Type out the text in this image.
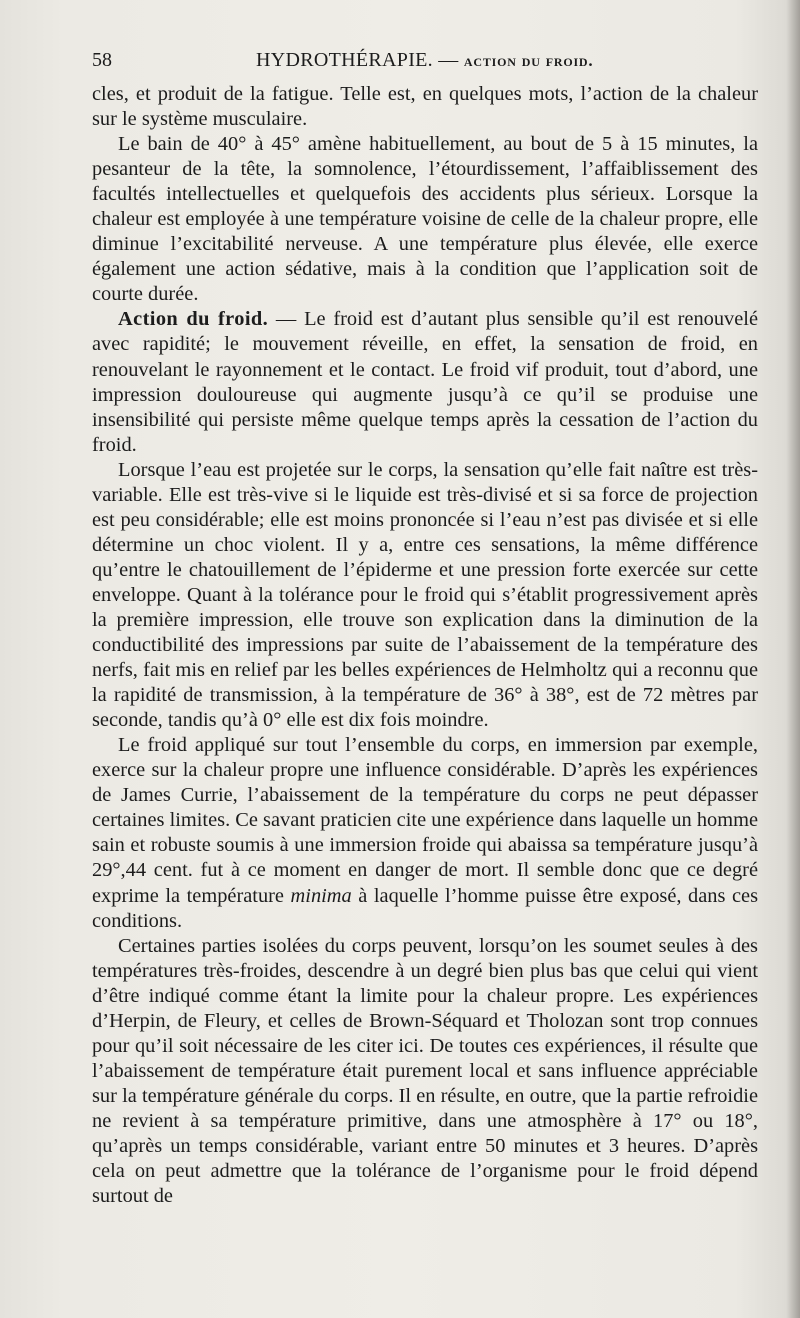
58	HYDROTHÉRAPIE. — action du froid.

cles, et produit de la fatigue. Telle est, en quelques mots, l’action de la chaleur sur le système musculaire.

Le bain de 40° à 45° amène habituellement, au bout de 5 à 15 minutes, la pesanteur de la tête, la somnolence, l’étourdissement, l’affaiblissement des facultés intellectuelles et quelquefois des accidents plus sérieux. Lorsque la chaleur est employée à une température voisine de celle de la chaleur propre, elle diminue l’excitabilité nerveuse. A une température plus élevée, elle exerce également une action sédative, mais à la condition que l’application soit de courte durée.

Action du froid. — Le froid est d’autant plus sensible qu’il est renouvelé avec rapidité; le mouvement réveille, en effet, la sensation de froid, en renouvelant le rayonnement et le contact. Le froid vif produit, tout d’abord, une impression douloureuse qui augmente jusqu’à ce qu’il se produise une insensibilité qui persiste même quelque temps après la cessation de l’action du froid.

Lorsque l’eau est projetée sur le corps, la sensation qu’elle fait naître est très-variable. Elle est très-vive si le liquide est très-divisé et si sa force de projection est peu considérable; elle est moins prononcée si l’eau n’est pas divisée et si elle détermine un choc violent. Il y a, entre ces sensations, la même différence qu’entre le chatouillement de l’épiderme et une pression forte exercée sur cette enveloppe. Quant à la tolérance pour le froid qui s’établit progressivement après la première impression, elle trouve son explication dans la diminution de la conductibilité des impressions par suite de l’abaissement de la température des nerfs, fait mis en relief par les belles expériences de Helmholtz qui a reconnu que la rapidité de transmission, à la température de 36° à 38°, est de 72 mètres par seconde, tandis qu’à 0° elle est dix fois moindre.

Le froid appliqué sur tout l’ensemble du corps, en immersion par exemple, exerce sur la chaleur propre une influence considérable. D’après les expériences de James Currie, l’abaissement de la température du corps ne peut dépasser certaines limites. Ce savant praticien cite une expérience dans laquelle un homme sain et robuste soumis à une immersion froide qui abaissa sa température jusqu’à 29°,44 cent. fut à ce moment en danger de mort. Il semble donc que ce degré exprime la température minima à laquelle l’homme puisse être exposé, dans ces conditions.

Certaines parties isolées du corps peuvent, lorsqu’on les soumet seules à des températures très-froides, descendre à un degré bien plus bas que celui qui vient d’être indiqué comme étant la limite pour la chaleur propre. Les expériences d’Herpin, de Fleury, et celles de Brown-Séquard et Tholozan sont trop connues pour qu’il soit nécessaire de les citer ici. De toutes ces expériences, il résulte que l’abaissement de température était purement local et sans influence appréciable sur la température générale du corps. Il en résulte, en outre, que la partie refroidie ne revient à sa température primitive, dans une atmosphère à 17° ou 18°, qu’après un temps considérable, variant entre 50 minutes et 3 heures. D’après cela on peut admettre que la tolérance de l’organisme pour le froid dépend surtout de
